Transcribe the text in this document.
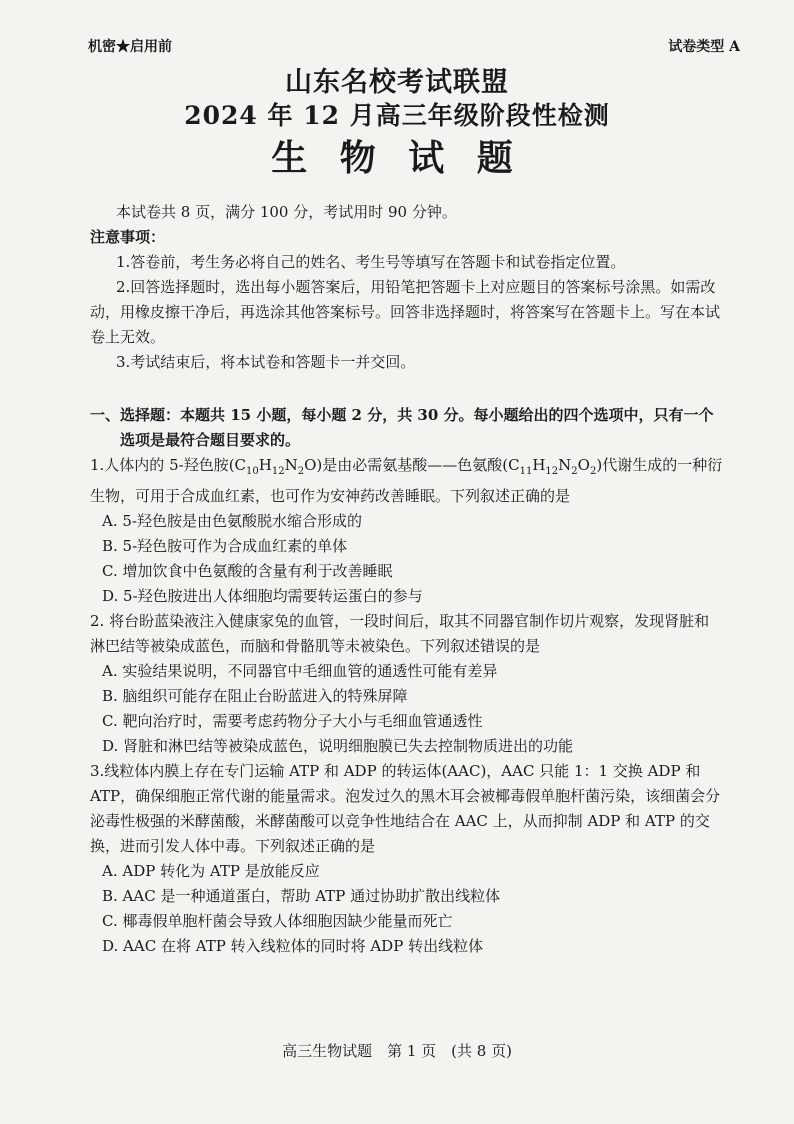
机密★启用前	试卷类型 A
山东名校考试联盟
2024 年 12 月高三年级阶段性检测
生 物 试 题

本试卷共 8 页，满分 100 分，考试用时 90 分钟。

注意事项：

1.答卷前，考生务必将自己的姓名、考生号等填写在答题卡和试卷指定位置。

2.回答选择题时，选出每小题答案后，用铅笔把答题卡上对应题目的答案标号涂黑。如需改动，用橡皮擦干净后，再选涂其他答案标号。回答非选择题时，将答案写在答题卡上。写在本试卷上无效。

3.考试结束后，将本试卷和答题卡一并交回。

一、选择题：本题共 15 小题，每小题 2 分，共 30 分。每小题给出的四个选项中，只有一个选项是最符合题目要求的。

1.人体内的 5-羟色胺$(C_{10}H_{12}N_2O)$是由必需氨基酸——色氨酸$(C_{11}H_{12}N_2O_2)$代谢生成的一种衍生物，可用于合成血红素，也可作为安神药改善睡眠。下列叙述正确的是

A. 5-羟色胺是由色氨酸脱水缩合形成的

B. 5-羟色胺可作为合成血红素的单体

C. 增加饮食中色氨酸的含量有利于改善睡眠

D. 5-羟色胺进出人体细胞均需要转运蛋白的参与

2. 将台盼蓝染液注入健康家兔的血管，一段时间后，取其不同器官制作切片观察，发现肾脏和淋巴结等被染成蓝色，而脑和骨骼肌等未被染色。下列叙述错误的是

A. 实验结果说明，不同器官中毛细血管的通透性可能有差异

B. 脑组织可能存在阻止台盼蓝进入的特殊屏障

C. 靶向治疗时，需要考虑药物分子大小与毛细血管通透性

D. 肾脏和淋巴结等被染成蓝色，说明细胞膜已失去控制物质进出的功能

3.线粒体内膜上存在专门运输 ATP 和 ADP 的转运体(AAC)，AAC 只能 1：1 交换 ADP 和 ATP，确保细胞正常代谢的能量需求。泡发过久的黑木耳会被椰毒假单胞杆菌污染，该细菌会分泌毒性极强的米酵菌酸，米酵菌酸可以竞争性地结合在 AAC 上，从而抑制 ADP 和 ATP 的交换，进而引发人体中毒。下列叙述正确的是

A. ADP 转化为 ATP 是放能反应

B. AAC 是一种通道蛋白，帮助 ATP 通过协助扩散出线粒体

C. 椰毒假单胞杆菌会导致人体细胞因缺少能量而死亡

D. AAC 在将 ATP 转入线粒体的同时将 ADP 转出线粒体

高三生物试题　第 1 页　(共 8 页)
